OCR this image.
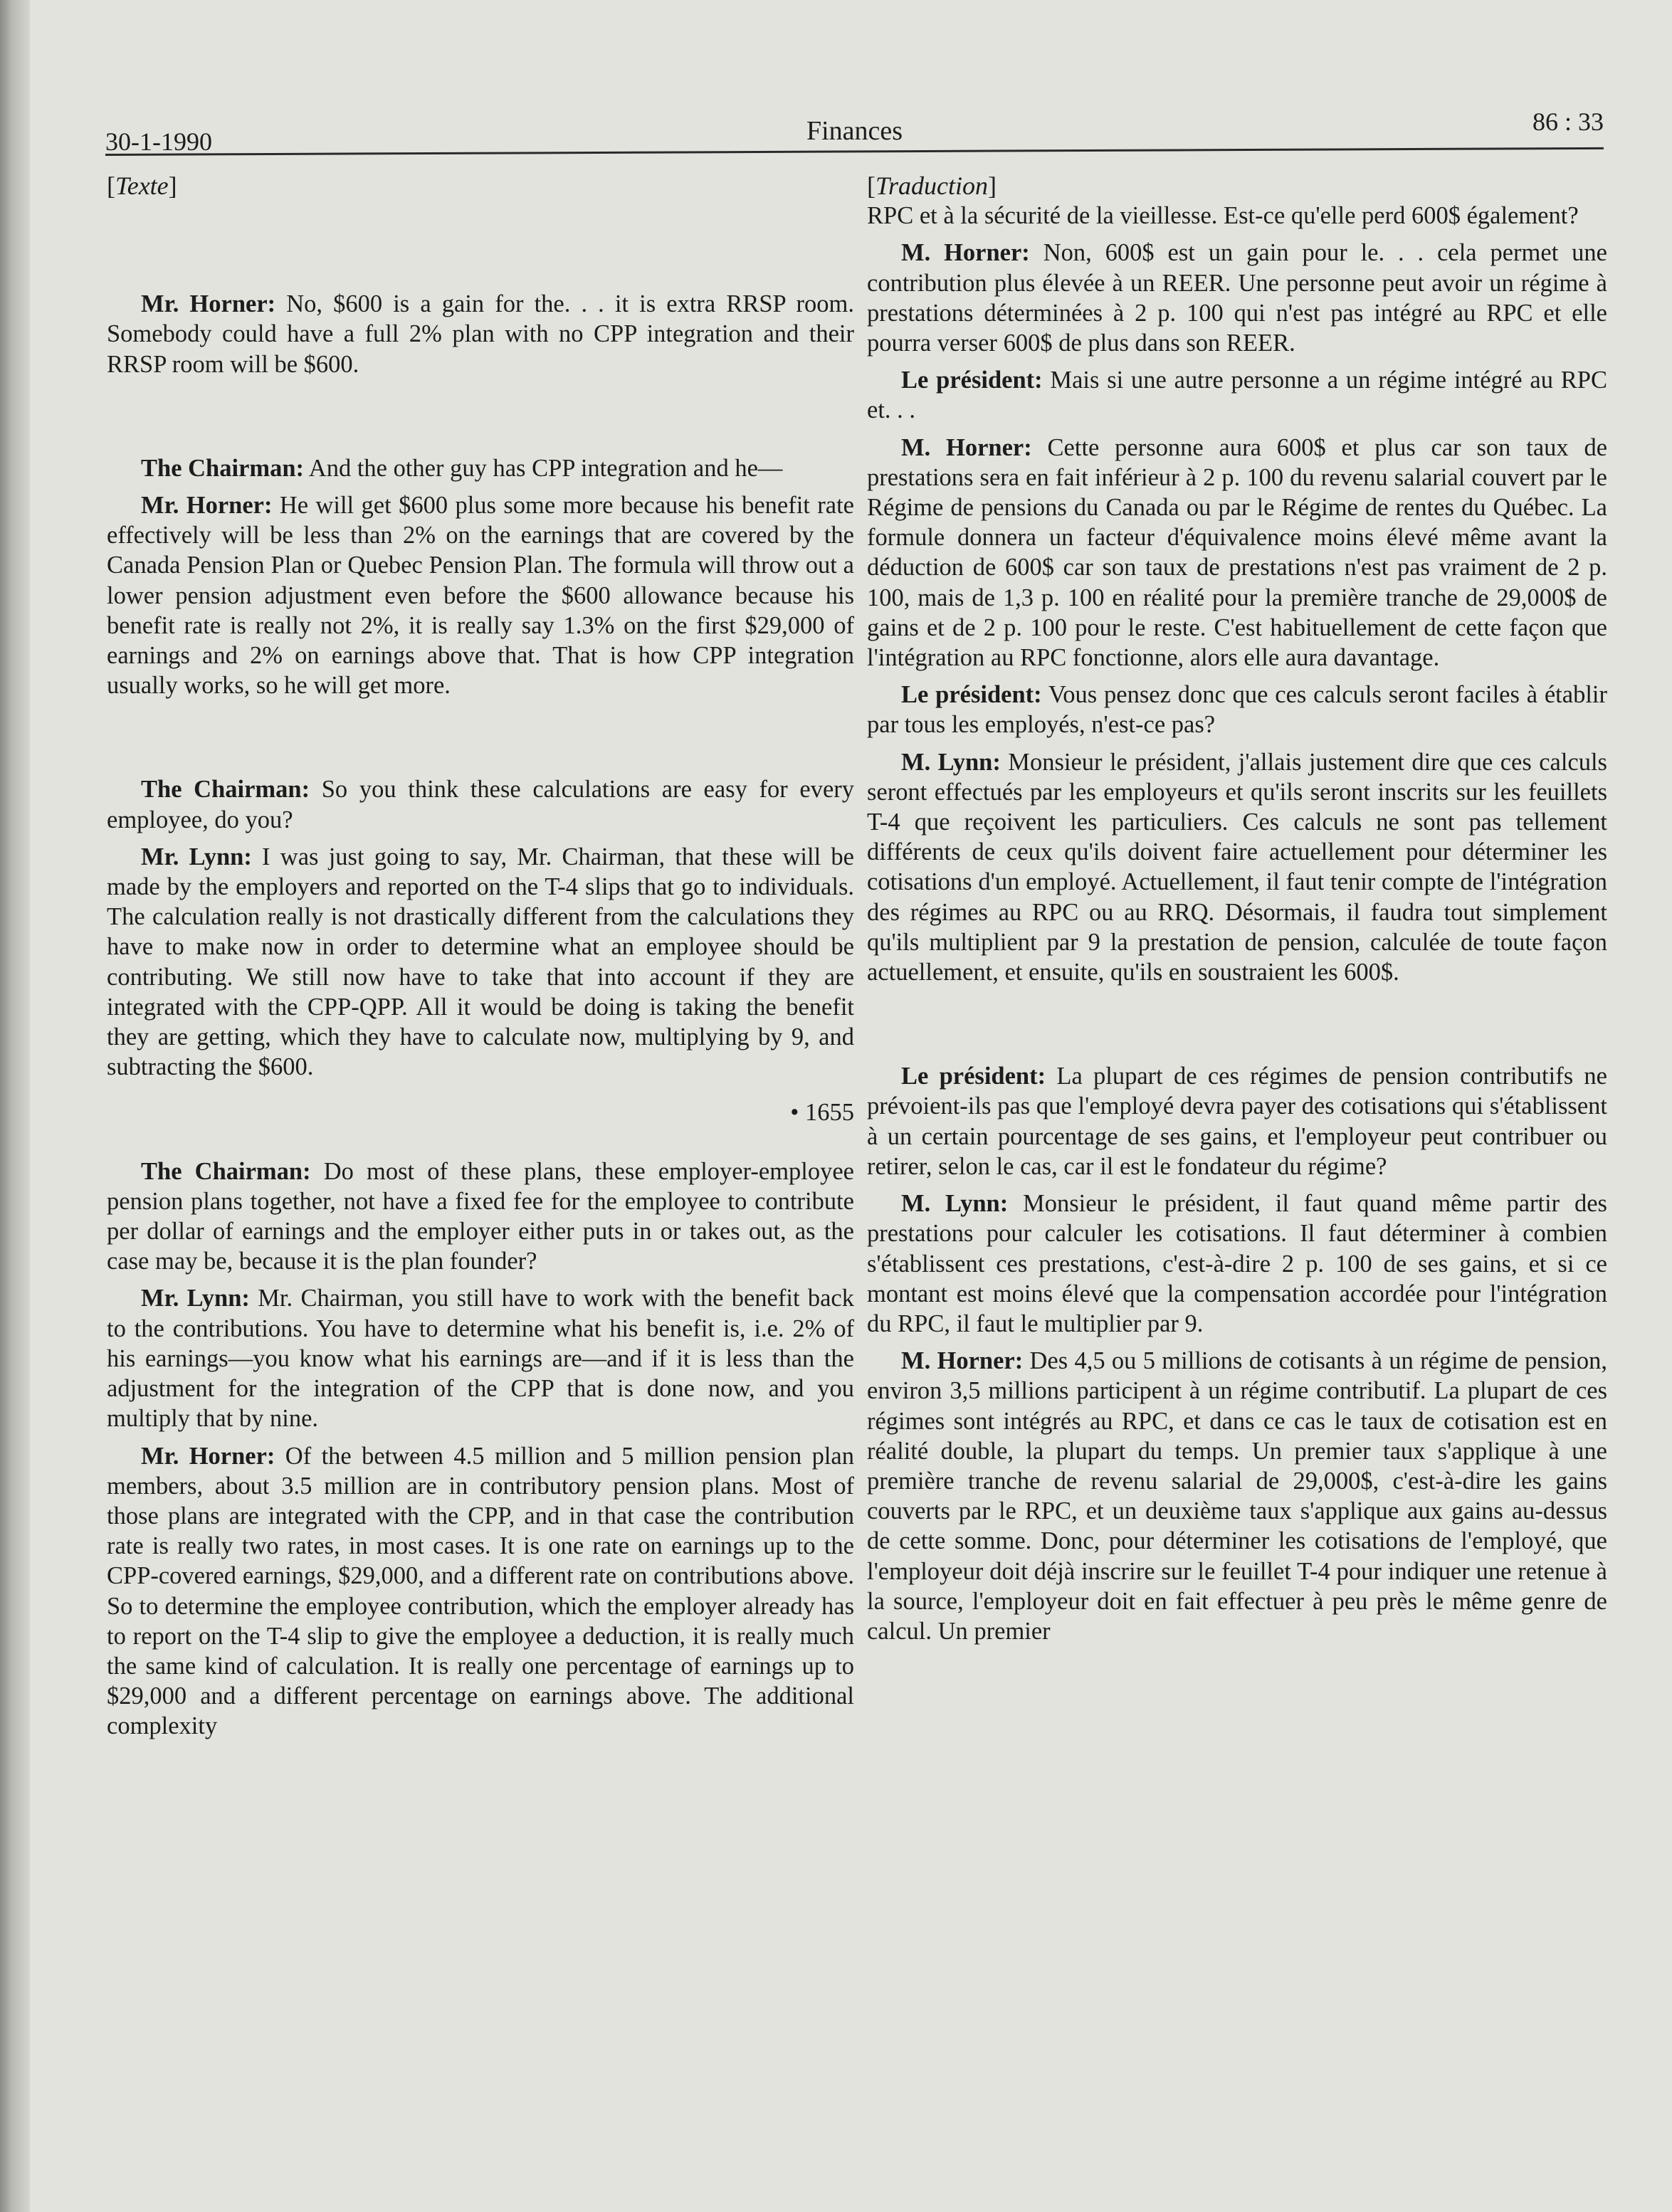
30-1-1990	Finances	86 : 33

[Texte]

Mr. Horner: No, $600 is a gain for the. . . it is extra RRSP room. Somebody could have a full 2% plan with no CPP integration and their RRSP room will be $600.

The Chairman: And the other guy has CPP integration and he—

Mr. Horner: He will get $600 plus some more because his benefit rate effectively will be less than 2% on the earnings that are covered by the Canada Pension Plan or Quebec Pension Plan. The formula will throw out a lower pension adjustment even before the $600 allowance because his benefit rate is really not 2%, it is really say 1.3% on the first $29,000 of earnings and 2% on earnings above that. That is how CPP integration usually works, so he will get more.

The Chairman: So you think these calculations are easy for every employee, do you?

Mr. Lynn: I was just going to say, Mr. Chairman, that these will be made by the employers and reported on the T-4 slips that go to individuals. The calculation really is not drastically different from the calculations they have to make now in order to determine what an employee should be contributing. We still now have to take that into account if they are integrated with the CPP-QPP. All it would be doing is taking the benefit they are getting, which they have to calculate now, multiplying by 9, and subtracting the $600.

• 1655

The Chairman: Do most of these plans, these employer-employee pension plans together, not have a fixed fee for the employee to contribute per dollar of earnings and the employer either puts in or takes out, as the case may be, because it is the plan founder?

Mr. Lynn: Mr. Chairman, you still have to work with the benefit back to the contributions. You have to determine what his benefit is, i.e. 2% of his earnings—you know what his earnings are—and if it is less than the adjustment for the integration of the CPP that is done now, and you multiply that by nine.

Mr. Horner: Of the between 4.5 million and 5 million pension plan members, about 3.5 million are in contributory pension plans. Most of those plans are integrated with the CPP, and in that case the contribution rate is really two rates, in most cases. It is one rate on earnings up to the CPP-covered earnings, $29,000, and a different rate on contributions above. So to determine the employee contribution, which the employer already has to report on the T-4 slip to give the employee a deduction, it is really much the same kind of calculation. It is really one percentage of earnings up to $29,000 and a different percentage on earnings above. The additional complexity

[Traduction]

RPC et à la sécurité de la vieillesse. Est-ce qu'elle perd 600$ également?

M. Horner: Non, 600$ est un gain pour le. . . cela permet une contribution plus élevée à un REER. Une personne peut avoir un régime à prestations déterminées à 2 p. 100 qui n'est pas intégré au RPC et elle pourra verser 600$ de plus dans son REER.

Le président: Mais si une autre personne a un régime intégré au RPC et. . .

M. Horner: Cette personne aura 600$ et plus car son taux de prestations sera en fait inférieur à 2 p. 100 du revenu salarial couvert par le Régime de pensions du Canada ou par le Régime de rentes du Québec. La formule donnera un facteur d'équivalence moins élevé même avant la déduction de 600$ car son taux de prestations n'est pas vraiment de 2 p. 100, mais de 1,3 p. 100 en réalité pour la première tranche de 29,000$ de gains et de 2 p. 100 pour le reste. C'est habituellement de cette façon que l'intégration au RPC fonctionne, alors elle aura davantage.

Le président: Vous pensez donc que ces calculs seront faciles à établir par tous les employés, n'est-ce pas?

M. Lynn: Monsieur le président, j'allais justement dire que ces calculs seront effectués par les employeurs et qu'ils seront inscrits sur les feuillets T-4 que reçoivent les particuliers. Ces calculs ne sont pas tellement différents de ceux qu'ils doivent faire actuellement pour déterminer les cotisations d'un employé. Actuellement, il faut tenir compte de l'intégration des régimes au RPC ou au RRQ. Désormais, il faudra tout simplement qu'ils multiplient par 9 la prestation de pension, calculée de toute façon actuellement, et ensuite, qu'ils en soustraient les 600$.

Le président: La plupart de ces régimes de pension contributifs ne prévoient-ils pas que l'employé devra payer des cotisations qui s'établissent à un certain pourcentage de ses gains, et l'employeur peut contribuer ou retirer, selon le cas, car il est le fondateur du régime?

M. Lynn: Monsieur le président, il faut quand même partir des prestations pour calculer les cotisations. Il faut déterminer à combien s'établissent ces prestations, c'est-à-dire 2 p. 100 de ses gains, et si ce montant est moins élevé que la compensation accordée pour l'intégration du RPC, il faut le multiplier par 9.

M. Horner: Des 4,5 ou 5 millions de cotisants à un régime de pension, environ 3,5 millions participent à un régime contributif. La plupart de ces régimes sont intégrés au RPC, et dans ce cas le taux de cotisation est en réalité double, la plupart du temps. Un premier taux s'applique à une première tranche de revenu salarial de 29,000$, c'est-à-dire les gains couverts par le RPC, et un deuxième taux s'applique aux gains au-dessus de cette somme. Donc, pour déterminer les cotisations de l'employé, que l'employeur doit déjà inscrire sur le feuillet T-4 pour indiquer une retenue à la source, l'employeur doit en fait effectuer à peu près le même genre de calcul. Un premier
